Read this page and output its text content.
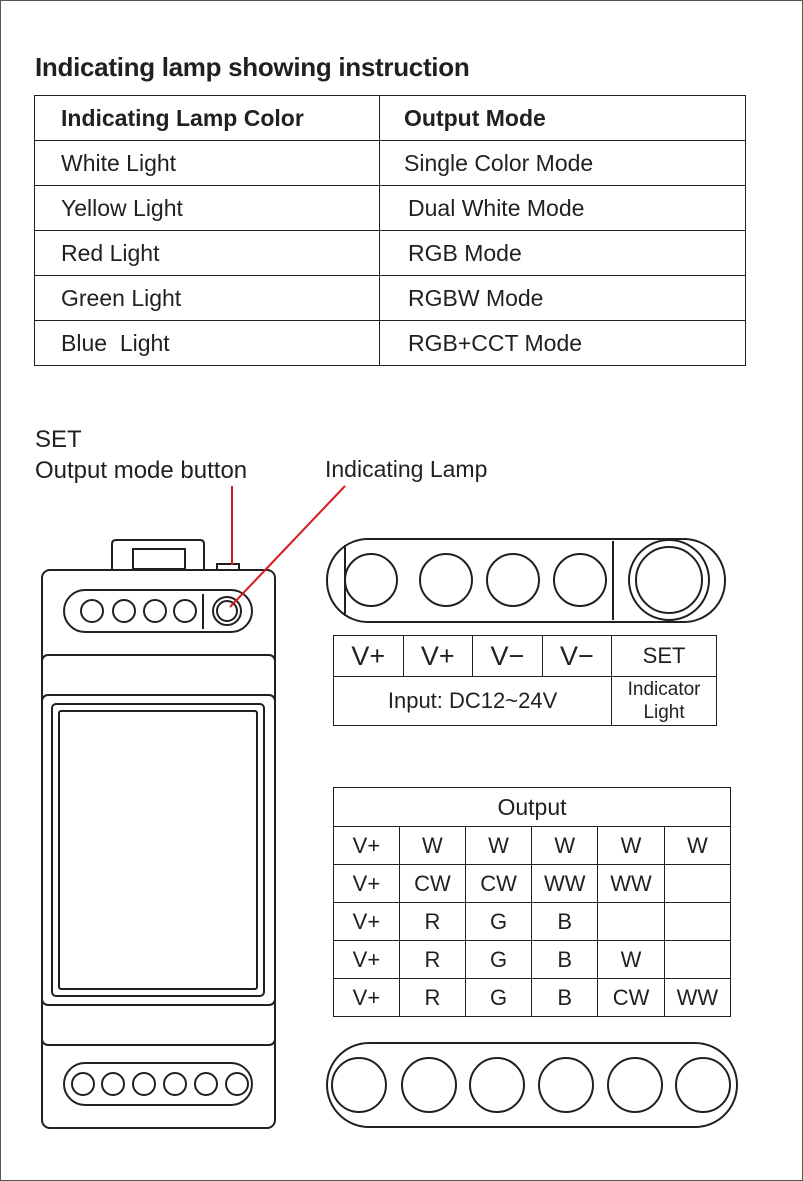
Indicating lamp showing instruction
Indicating Lamp Color	Output Mode
White Light	Single Color Mode
Yellow Light	Dual White Mode
Red Light	RGB Mode
Green Light	RGBW Mode
Blue  Light	RGB+CCT Mode
SET
Output mode button	Indicating Lamp
V+	V+	V−	V−	SET
Input: DC12~24V				Indicator
Light
Output					
V+	W	W	W	W	W
V+	CW	CW	WW	WW	
V+	R	G	B		
V+	R	G	B	W	
V+	R	G	B	CW	WW
